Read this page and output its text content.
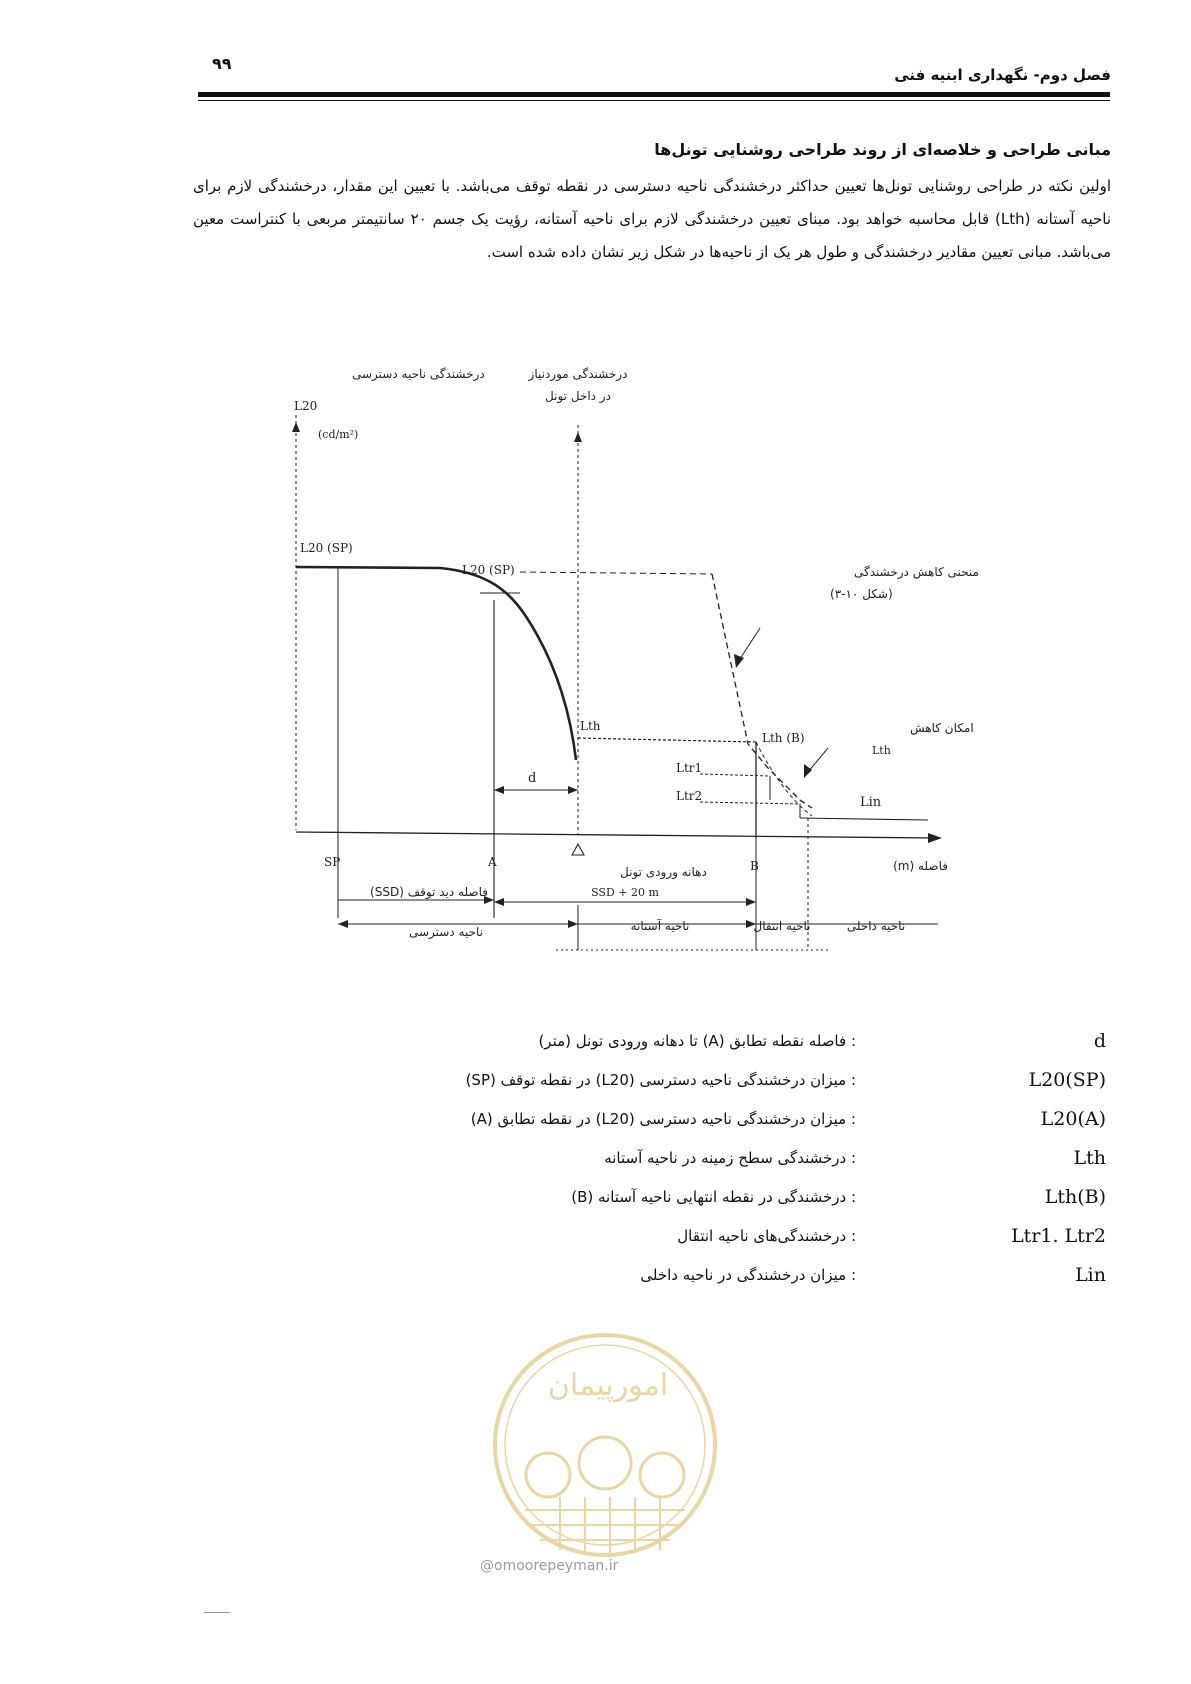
۹۹
فصل دوم- نگهداری ابنیه فنی
مبانی طراحی و خلاصه‌ای از روند طراحی روشنایی تونل‌ها
اولین نکته در طراحی روشنایی تونل‌ها تعیین حداکثر درخشندگی ناحیه دسترسی در نقطه توقف می‌باشد. با تعیین این مقدار، درخشندگی لازم برای ناحیه آستانه (Lth) قابل محاسبه خواهد بود. مبنای تعیین درخشندگی لازم برای ناحیه آستانه، رؤیت یک جسم ۲۰ سانتیمتر مربعی با کنتراست معین می‌باشد. مبانی تعیین مقادیر درخشندگی و طول هر یک از ناحیه‌ها در شکل زیر نشان داده شده است.
درخشندگی ناحیه دسترسی
L20
(cd/m²)
درخشندگی موردنیاز
در داخل تونل
L20 (SP)
L20 (SP)	منحنی کاهش درخشندگی
(شکل ۱۰-۳)
امکان کاهش
Lth
Lth
Lth (B)
Ltr1
Ltr2	Lin
d
SP	A	B
دهانه ورودی تونل	(m) فاصله
(SSD) فاصله دید توقف	SSD + 20 m
ناحیه دسترسی	ناحیه آستانه	ناحیه انتقال	ناحیه داخلی
d
: فاصله نقطه تطابق (A) تا دهانه ورودی تونل (متر)
L20(SP)
: میزان درخشندگی ناحیه دسترسی (L20) در نقطه توقف (SP)
L20(A)
: میزان درخشندگی ناحیه دسترسی (L20) در نقطه تطابق (A)
Lth
: درخشندگی سطح زمینه در ناحیه آستانه
Lth(B)
: درخشندگی در نقطه انتهایی ناحیه آستانه (B)
Ltr1. Ltr2
: درخشندگی‌های ناحیه انتقال
Lin
: میزان درخشندگی در ناحیه داخلی
امورپیمان
@omoorepeyman.ir
